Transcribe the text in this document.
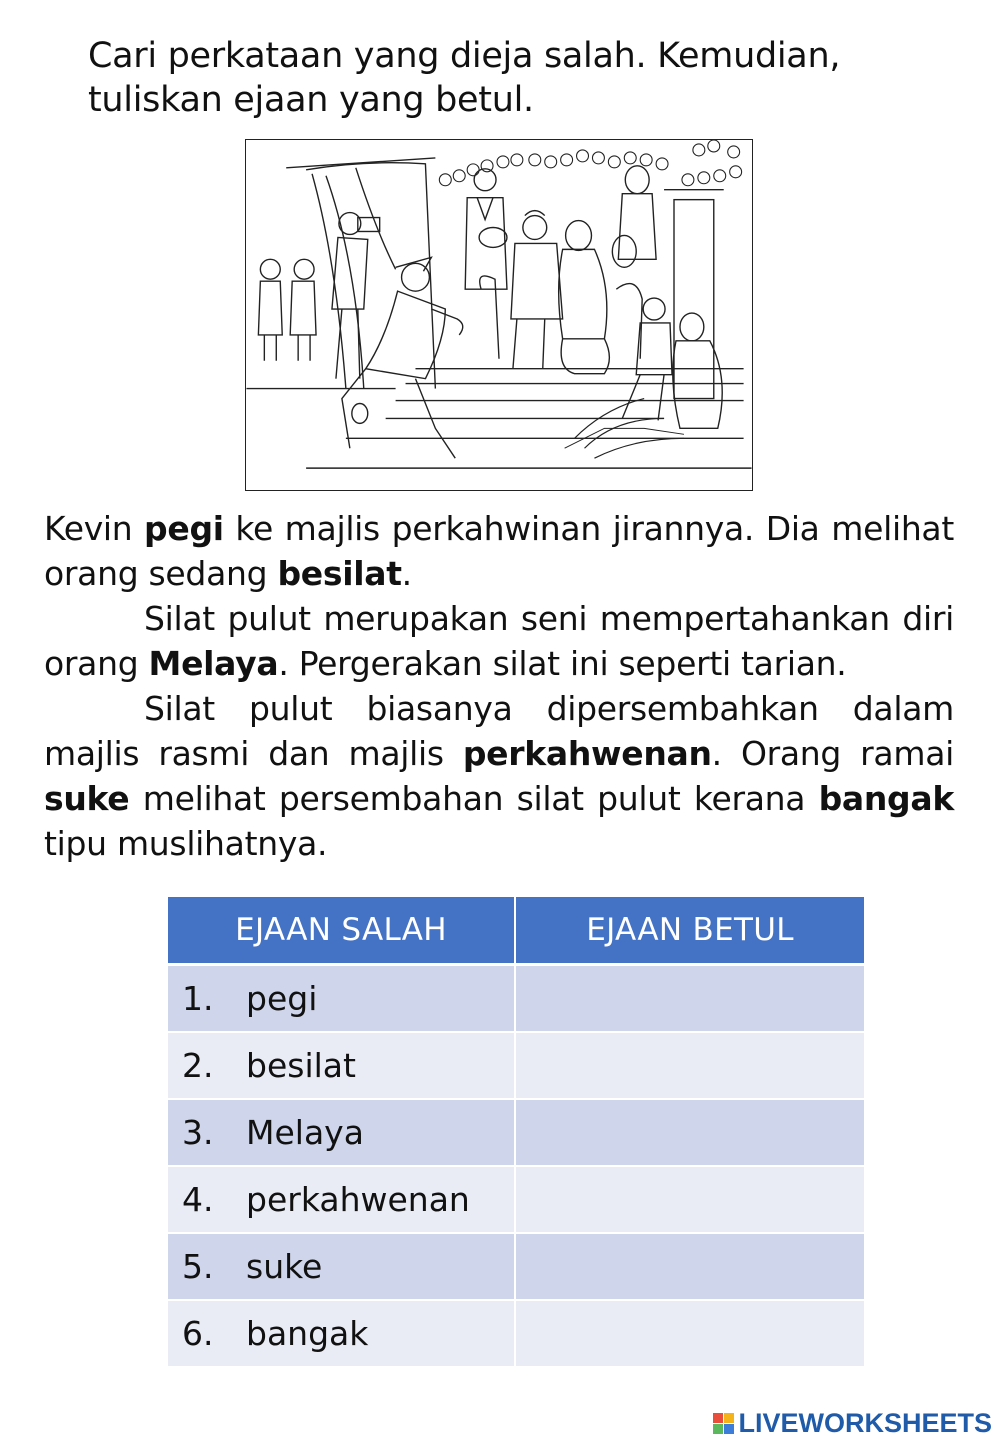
Cari perkataan yang dieja salah. Kemudian,
tuliskan ejaan yang betul.

Kevin pegi ke majlis perkahwinan jirannya. Dia melihat orang sedang besilat.

Silat pulut merupakan seni mempertahankan diri orang Melaya. Pergerakan silat ini seperti tarian.

Silat pulut biasanya dipersembahkan dalam majlis rasmi dan majlis perkahwenan. Orang ramai suke melihat persembahan silat pulut kerana bangak tipu muslihatnya.

EJAAN SALAH	EJAAN BETUL
1. pegi	
2. besilat	
3. Melaya	
4. perkahwenan	
5. suke	
6. bangak	
LIVEWORKSHEETS
